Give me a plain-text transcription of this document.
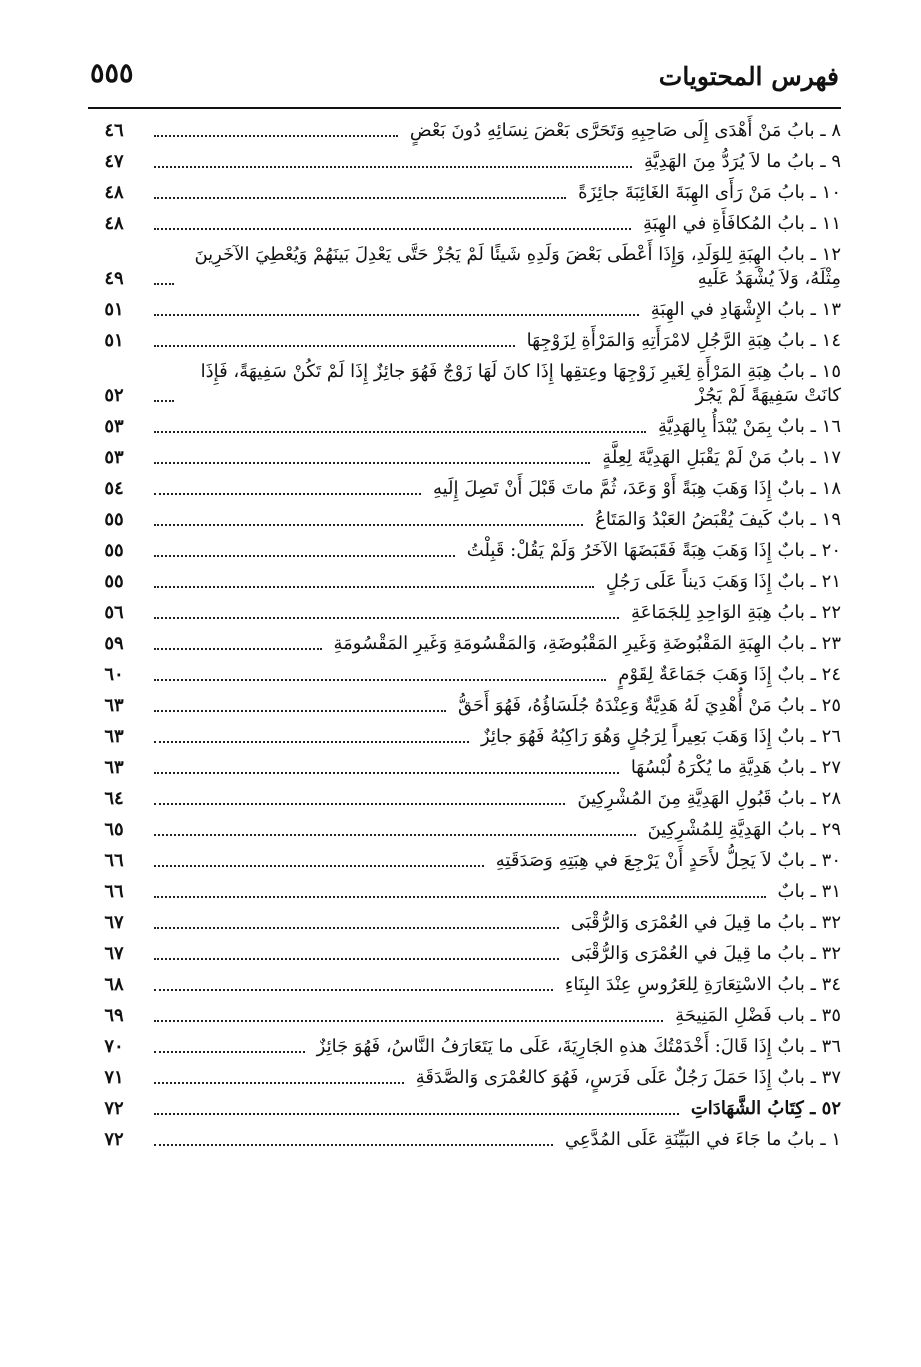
٥٥٥	فهرس المحتويات
٨ ـ بابُ مَنْ أَهْدَى إِلَى صَاحِبِهِ وَتَحَرَّى بَعْضَ نِسَائِهِ دُونَ بَعْضٍ
٤٦
٩ ـ بابُ ما لاَ يُرَدُّ مِنَ الهَدِيَّةِ
٤٧
١٠ ـ بابُ مَنْ رَأَى الهِبَةَ الغَائِبَةَ جائِزَةً
٤٨
١١ ـ بابُ المُكافَأَةِ في الهِبَةِ
٤٨
١٢ ـ بابُ الهِبَةِ لِلوَلَدِ، وَإِذَا أَعْطَى بَعْضَ وَلَدِهِ شَيئًا لَمْ يَجُزْ حَتَّى يَعْدِلَ بَينَهُمْ وَيُعْطِيَ الآخَرِينَ مِثْلَهُ، وَلاَ يُشْهَدُ عَلَيهِ
٤٩
١٣ ـ بابُ الإِشْهَادِ في الهِبَةِ
٥١
١٤ ـ بابُ هِبَةِ الرَّجُلِ لامْرَأَتِهِ وَالمَرْأَةِ لِزَوْجِهَا
٥١
١٥ ـ بابُ هِبَةِ المَرْأَةِ لِغَيرِ زَوْجِهَا وعِتقِها إِذَا كانَ لَهَا زَوْجٌ فَهُوَ جائِزٌ إِذَا لَمْ تَكُنْ سَفِيهَةً، فَإِذَا كانَتْ سَفِيهَةً لَمْ يَجُزْ
٥٢
١٦ ـ بابٌ بِمَنْ يُبْدَأُ بِالهَدِيَّةِ
٥٣
١٧ ـ بابُ مَنْ لَمْ يَقْبَلِ الهَدِيَّةَ لِعِلَّةٍ
٥٣
١٨ ـ بابٌ إِذَا وَهَبَ هِبَةً أَوْ وَعَدَ، ثُمَّ ماتَ قَبْلَ أَنْ تَصِلَ إِلَيهِ
٥٤
١٩ ـ بابٌ كَيفَ يُقْبَضُ العَبْدُ وَالمَتَاعُ
٥٥
٢٠ ـ بابٌ إِذَا وَهَبَ هِبَةً فَقَبَضَهَا الآخَرُ وَلَمْ يَقُلْ: قَبِلْتُ
٥٥
٢١ ـ بابٌ إِذَا وَهَبَ دَيناً عَلَى رَجُلٍ
٥٥
٢٢ ـ بابُ هِبَةِ الوَاحِدِ لِلجَمَاعَةِ
٥٦
٢٣ ـ بابُ الهِبَةِ المَقْبُوضَةِ وَغَيرِ المَقْبُوضَةِ، وَالمَقْسُومَةِ وَغَيرِ المَقْسُومَةِ
٥٩
٢٤ ـ بابٌ إِذَا وَهَبَ جَمَاعَةٌ لِقَوْمٍ
٦٠
٢٥ ـ بابُ مَنْ أُهْدِيَ لَهُ هَدِيَّةٌ وَعِنْدَهُ جُلَسَاؤُهُ، فَهُوَ أَحَقُّ
٦٣
٢٦ ـ بابٌ إِذَا وَهَبَ بَعِيراً لِرَجُلٍ وَهُوَ رَاكِبُهُ فَهُوَ جائِزٌ
٦٣
٢٧ ـ بابُ هَدِيَّةِ ما يُكْرَهُ لُبْسُهَا
٦٣
٢٨ ـ بابُ قَبُولِ الهَدِيَّةِ مِنَ المُشْرِكِينَ
٦٤
٢٩ ـ بابُ الهَدِيَّةِ لِلمُشْرِكِينَ
٦٥
٣٠ ـ بابٌ لاَ يَحِلُّ لأَحَدٍ أَنْ يَرْجِعَ في هِبَتِهِ وَصَدَقَتِهِ
٦٦
٣١ ـ بابٌ
٦٦
٣٢ ـ بابُ ما قِيلَ في العُمْرَى وَالرُّقْبَى
٦٧
٣٢ ـ بابُ ما قِيلَ في العُمْرَى وَالرُّقْبَى
٦٧
٣٤ ـ بابُ الاسْتِعَارَةِ لِلعَرُوسِ عِنْدَ البِنَاءِ
٦٨
٣٥ ـ باب فَضْلِ المَنِيحَةِ
٦٩
٣٦ ـ بابٌ إِذَا قَالَ: أَخْدَمْتُكَ هذهِ الجَارِيَةَ، عَلَى ما يَتَعَارَفُ النَّاسُ، فَهُوَ جَائِزٌ
٧٠
٣٧ ـ بابٌ إِذَا حَمَلَ رَجُلٌ عَلَى فَرَسٍ، فَهُوَ كالعُمْرَى وَالصَّدَقَةِ
٧١
٥٢ ـ كِتَابُ الشَّهَادَاتِ
٧٢
١ ـ بابُ ما جَاءَ في البَيِّنَةِ عَلَى المُدَّعِي
٧٢
